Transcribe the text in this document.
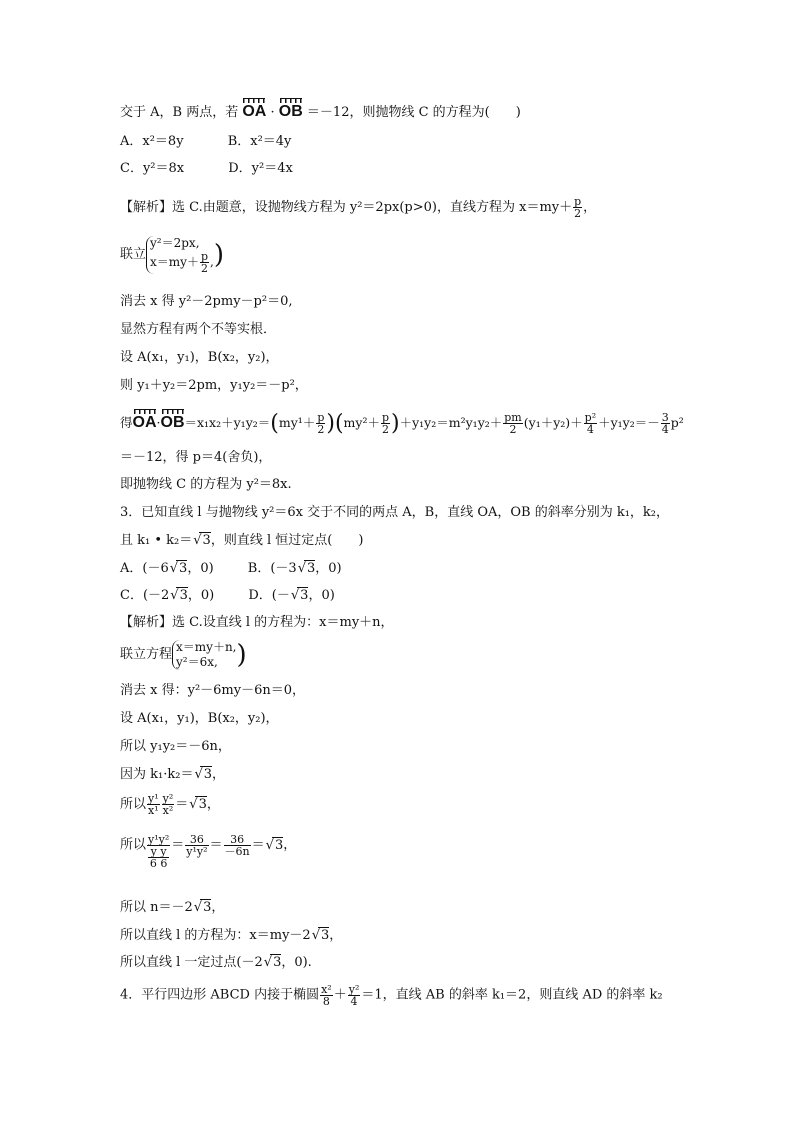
交于 A，B 两点，若 OA · OB ＝－12，则抛物线 C 的方程为(　　)
A．x²＝8y	B．x²＝4y
C．y²＝8x	D．y²＝4x
【解析】选 C.由题意，设抛物线方程为 y²＝2px(p>0)，直线方程为 $x=my+ \frac{p}{2}$ ，
联立
y²＝2px,
$x=my+ \frac{p}{2}$ , )
消去 x 得 y²－2pmy－p²＝0,
显然方程有两个不等实根．
设 A(x₁，y₁)，B(x₂，y₂)，
则 y₁＋y₂＝2pm，y₁y₂＝－p²，
得$OA\cdot OB=x_1x_2+y_1y_2=(my^1+ \frac{p}{2} )(my^2+ \frac{p}{2} )+y_1y_2=m^2y_1y_2+ \frac{pm}{2} (y_1+y_2)+ \frac{\text{p²}}{4} +y_1y_2=- \frac{3}{4} p^2$
＝－12，得 p＝4(舍负)，
即抛物线 C 的方程为 y²＝8x.
3．已知直线 l 与抛物线 y²＝6x 交于不同的两点 A，B，直线 OA，OB 的斜率分别为 k₁，k₂，
且 k₁ • k₂＝ √ 3，则直线 l 恒过定点(　　)
A．(－6 √ 3，0)	B．(－3 √ 3，0)
C．(－2 √ 3，0)	D．(－ √ 3，0)
【解析】选 C.设直线 l 的方程为：x＝my＋n，
联立方程 x＝my＋n,
y²＝6x, )
消去 x 得：y²－6my－6n＝0，
设 A(x₁，y₁)，B(x₂，y₂)，
所以 y₁y₂＝－6n，
因为 k₁·k₂＝ √ 3，
所以 $\frac{\text{y¹}}{\text{x¹}} \frac{\text{y²}}{\text{x²}}$ ＝ √ 3，
所以 y¹y²
y y
6 $6 = \frac{36}{\text{y¹y²}} = \frac{36}{-6n}$ ＝ √ 3，
所以 n＝－2 √ 3，
所以直线 l 的方程为：x＝my－2 √ 3，
所以直线 l 一定过点(－2 √ 3，0).
4．平行四边形 ABCD 内接于椭圆 $\frac{\text{x²}}{8} + \frac{\text{y²}}{4} =1$，直线 AB 的斜率 k₁＝2，则直线 AD 的斜率 k₂
